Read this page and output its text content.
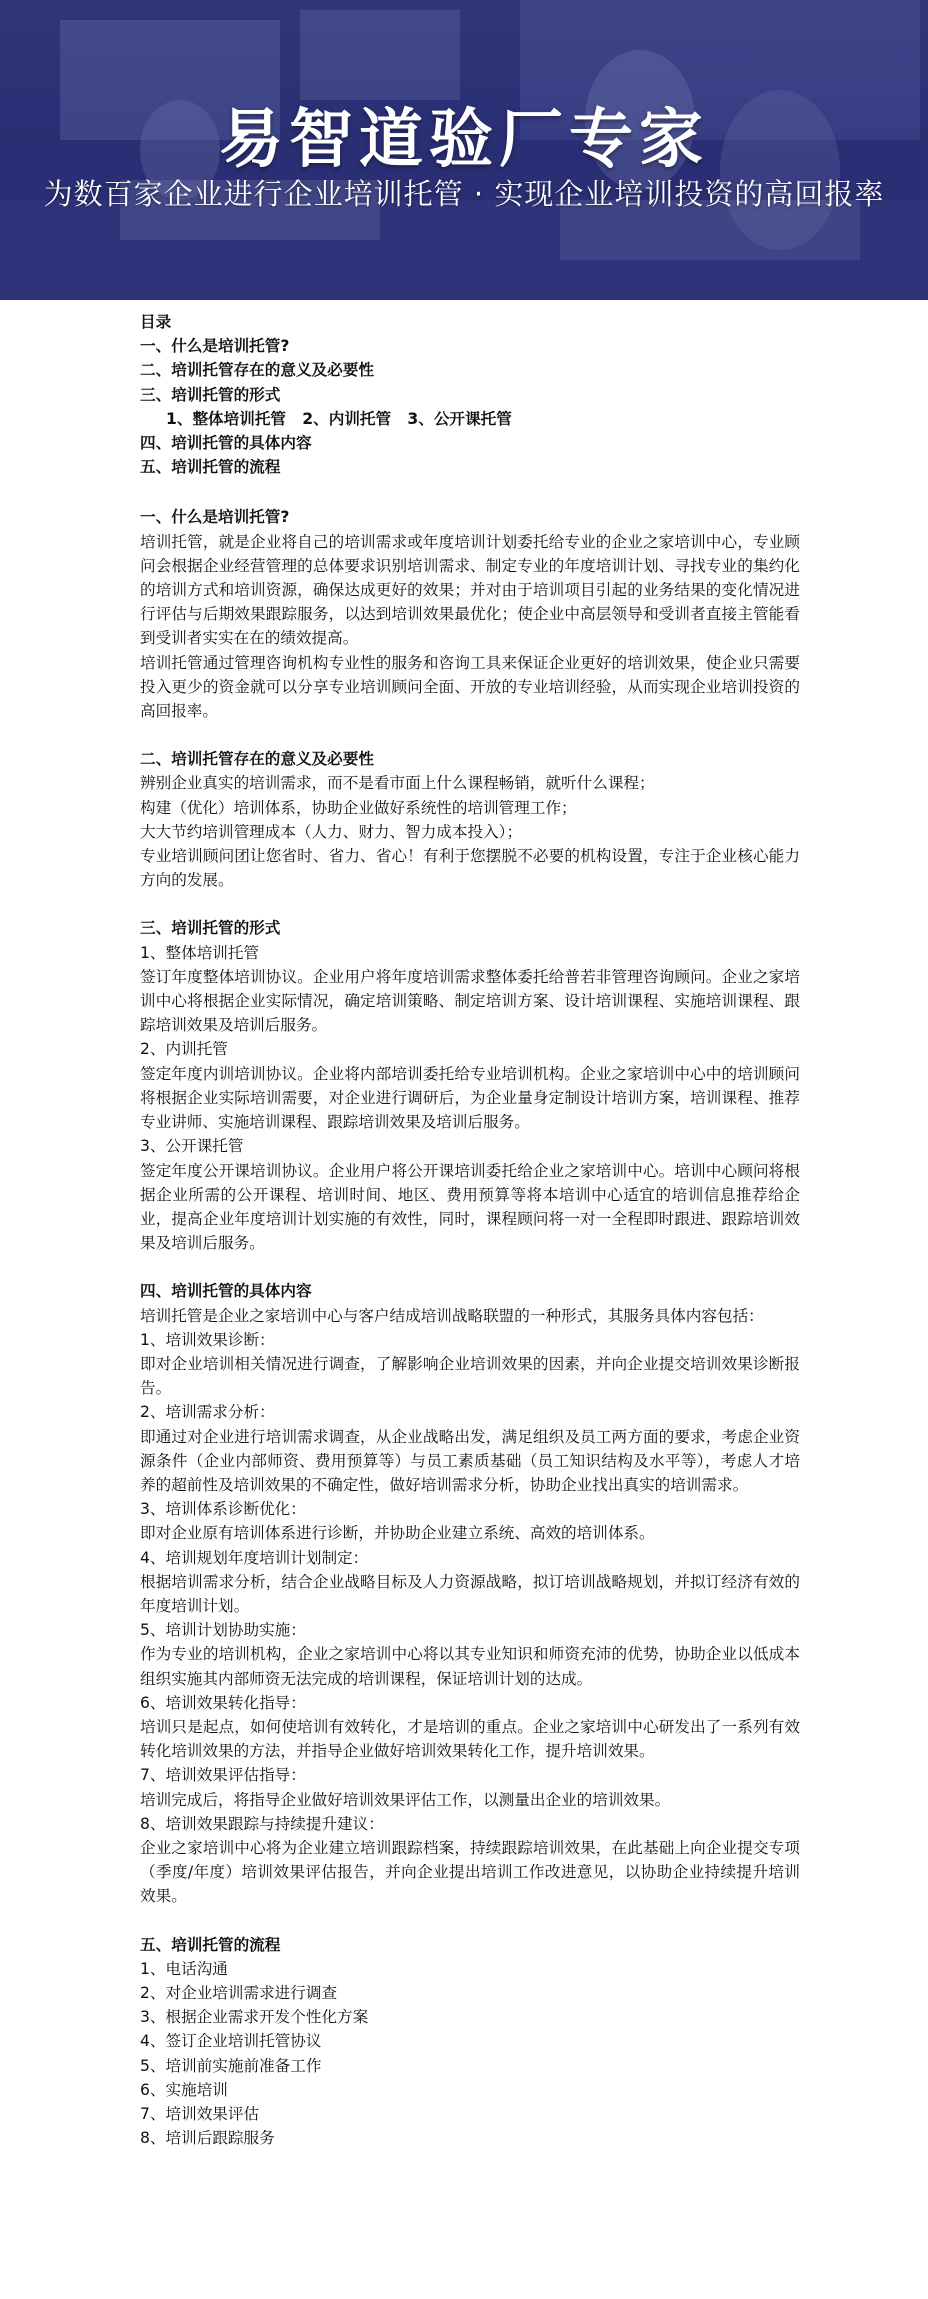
易智道验厂专家
为数百家企业进行企业培训托管 · 实现企业培训投资的高回报率

目录

一、什么是培训托管?

二、培训托管存在的意义及必要性

三、培训托管的形式

1、整体培训托管   2、内训托管   3、公开课托管

四、培训托管的具体内容

五、培训托管的流程

一、什么是培训托管?

培训托管，就是企业将自己的培训需求或年度培训计划委托给专业的企业之家培训中心，专业顾问会根据企业经营管理的总体要求识别培训需求、制定专业的年度培训计划、寻找专业的集约化的培训方式和培训资源，确保达成更好的效果；并对由于培训项目引起的业务结果的变化情况进行评估与后期效果跟踪服务，以达到培训效果最优化；使企业中高层领导和受训者直接主管能看到受训者实实在在的绩效提高。

培训托管通过管理咨询机构专业性的服务和咨询工具来保证企业更好的培训效果，使企业只需要投入更少的资金就可以分享专业培训顾问全面、开放的专业培训经验，从而实现企业培训投资的高回报率。

二、培训托管存在的意义及必要性

辨别企业真实的培训需求，而不是看市面上什么课程畅销，就听什么课程；

构建（优化）培训体系，协助企业做好系统性的培训管理工作；

大大节约培训管理成本（人力、财力、智力成本投入）；

专业培训顾问团让您省时、省力、省心！有利于您摆脱不必要的机构设置，专注于企业核心能力方向的发展。

三、培训托管的形式

1、整体培训托管

签订年度整体培训协议。企业用户将年度培训需求整体委托给普若非管理咨询顾问。企业之家培训中心将根据企业实际情况，确定培训策略、制定培训方案、设计培训课程、实施培训课程、跟踪培训效果及培训后服务。

2、内训托管

签定年度内训培训协议。企业将内部培训委托给专业培训机构。企业之家培训中心中的培训顾问将根据企业实际培训需要，对企业进行调研后，为企业量身定制设计培训方案，培训课程、推荐专业讲师、实施培训课程、跟踪培训效果及培训后服务。

3、公开课托管

签定年度公开课培训协议。企业用户将公开课培训委托给企业之家培训中心。培训中心顾问将根据企业所需的公开课程、培训时间、地区、费用预算等将本培训中心适宜的培训信息推荐给企业，提高企业年度培训计划实施的有效性，同时，课程顾问将一对一全程即时跟进、跟踪培训效果及培训后服务。

四、培训托管的具体内容

培训托管是企业之家培训中心与客户结成培训战略联盟的一种形式，其服务具体内容包括：

1、培训效果诊断：

即对企业培训相关情况进行调查，了解影响企业培训效果的因素，并向企业提交培训效果诊断报告。

2、培训需求分析：

即通过对企业进行培训需求调查，从企业战略出发，满足组织及员工两方面的要求，考虑企业资源条件（企业内部师资、费用预算等）与员工素质基础（员工知识结构及水平等），考虑人才培养的超前性及培训效果的不确定性，做好培训需求分析，协助企业找出真实的培训需求。

3、培训体系诊断优化：

即对企业原有培训体系进行诊断，并协助企业建立系统、高效的培训体系。

4、培训规划年度培训计划制定：

根据培训需求分析，结合企业战略目标及人力资源战略，拟订培训战略规划，并拟订经济有效的年度培训计划。

5、培训计划协助实施：

作为专业的培训机构，企业之家培训中心将以其专业知识和师资充沛的优势，协助企业以低成本组织实施其内部师资无法完成的培训课程，保证培训计划的达成。

6、培训效果转化指导：

培训只是起点，如何使培训有效转化，才是培训的重点。企业之家培训中心研发出了一系列有效转化培训效果的方法，并指导企业做好培训效果转化工作，提升培训效果。

7、培训效果评估指导：

培训完成后，将指导企业做好培训效果评估工作，以测量出企业的培训效果。

8、培训效果跟踪与持续提升建议：

企业之家培训中心将为企业建立培训跟踪档案，持续跟踪培训效果，在此基础上向企业提交专项（季度/年度）培训效果评估报告，并向企业提出培训工作改进意见，以协助企业持续提升培训效果。

五、培训托管的流程

1、电话沟通

2、对企业培训需求进行调查

3、根据企业需求开发个性化方案

4、签订企业培训托管协议

5、培训前实施前准备工作

6、实施培训

7、培训效果评估

8、培训后跟踪服务
